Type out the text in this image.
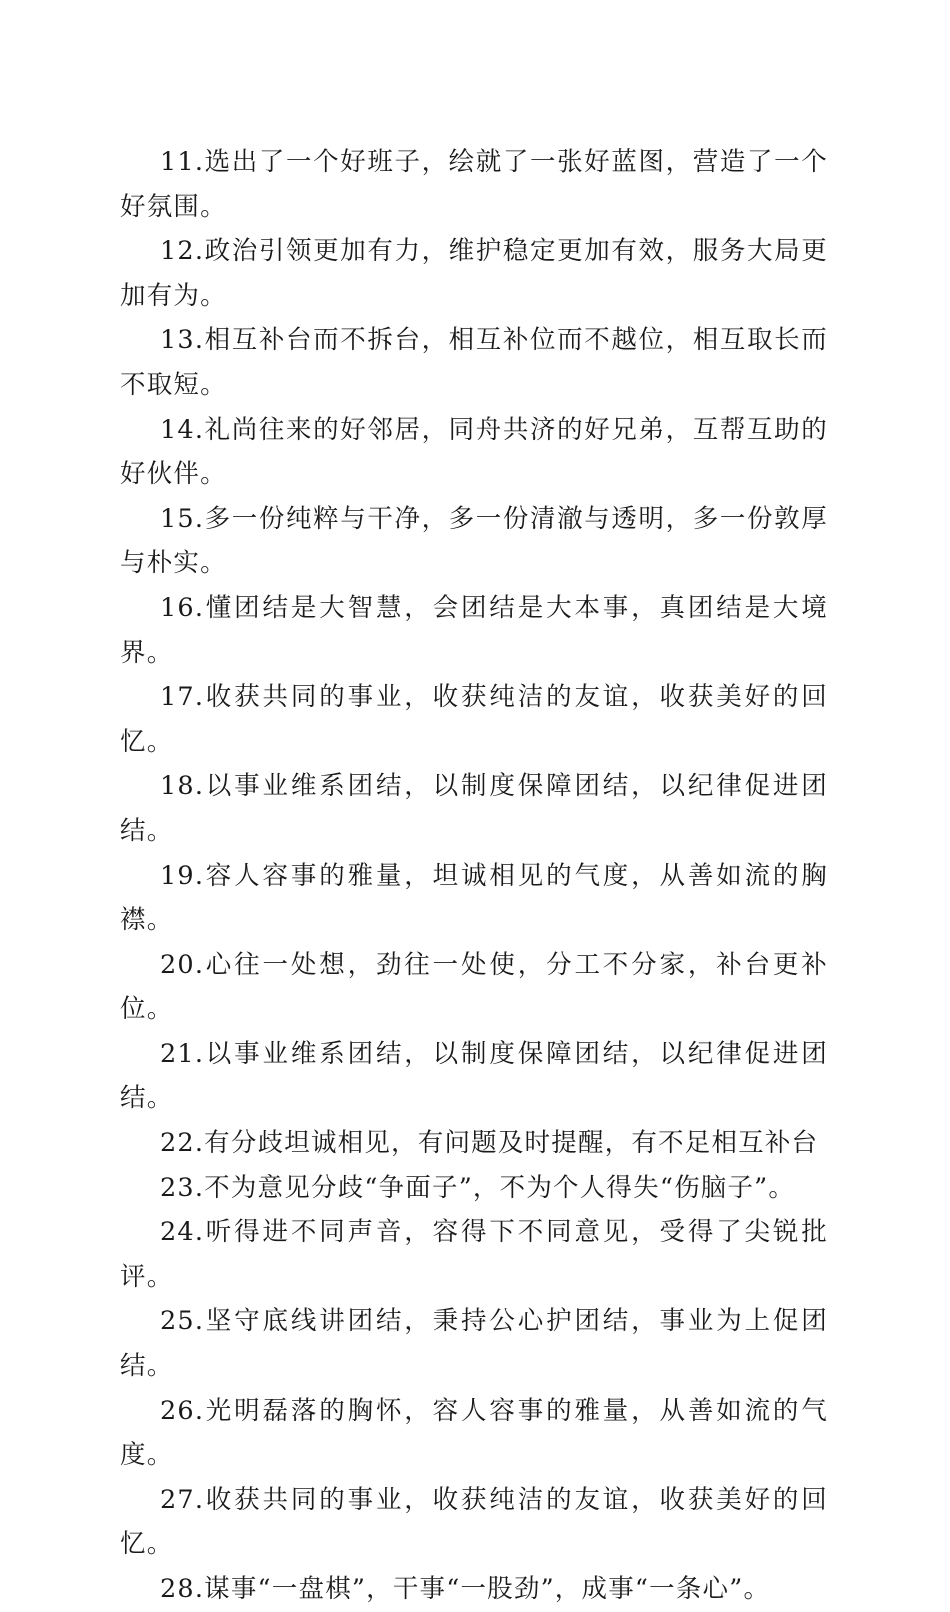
11.选出了一个好班子，绘就了一张好蓝图，营造了一个好氛围。

12.政治引领更加有力，维护稳定更加有效，服务大局更加有为。

13.相互补台而不拆台，相互补位而不越位，相互取长而不取短。

14.礼尚往来的好邻居，同舟共济的好兄弟，互帮互助的好伙伴。

15.多一份纯粹与干净，多一份清澈与透明，多一份敦厚与朴实。

16.懂团结是大智慧，会团结是大本事，真团结是大境界。

17.收获共同的事业，收获纯洁的友谊，收获美好的回忆。

18.以事业维系团结，以制度保障团结，以纪律促进团结。

19.容人容事的雅量，坦诚相见的气度，从善如流的胸襟。

20.心往一处想，劲往一处使，分工不分家，补台更补位。

21.以事业维系团结，以制度保障团结，以纪律促进团结。

22.有分歧坦诚相见，有问题及时提醒，有不足相互补台

23.不为意见分歧“争面子”，不为个人得失“伤脑子”。

24.听得进不同声音，容得下不同意见，受得了尖锐批评。

25.坚守底线讲团结，秉持公心护团结，事业为上促团结。

26.光明磊落的胸怀，容人容事的雅量，从善如流的气度。

27.收获共同的事业，收获纯洁的友谊，收获美好的回忆。

28.谋事“一盘棋”，干事“一股劲”，成事“一条心”。
